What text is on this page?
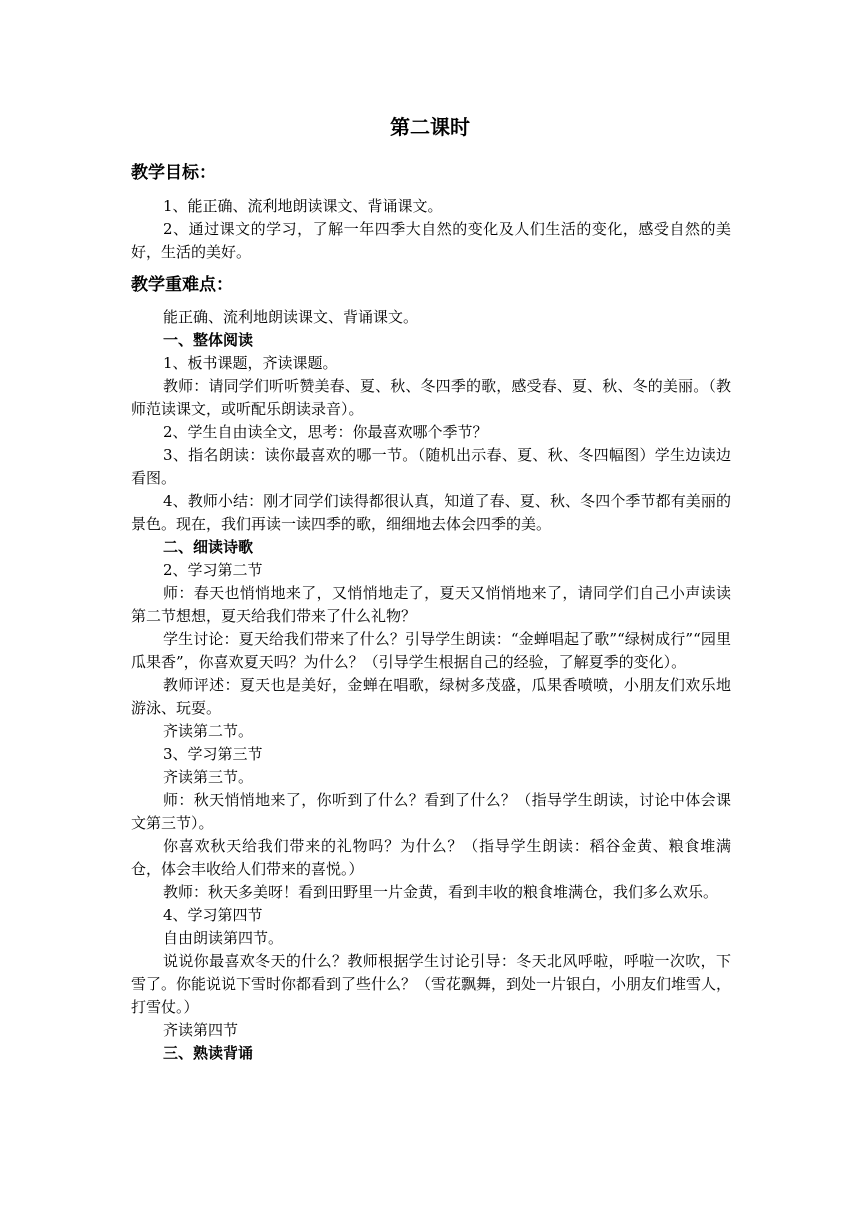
第二课时
教学目标：

1、能正确、流利地朗读课文、背诵课文。

2、通过课文的学习，了解一年四季大自然的变化及人们生活的变化，感受自然的美好，生活的美好。

教学重难点：

能正确、流利地朗读课文、背诵课文。

一、整体阅读

1、板书课题，齐读课题。

教师：请同学们听听赞美春、夏、秋、冬四季的歌，感受春、夏、秋、冬的美丽。（教师范读课文，或听配乐朗读录音）。

2、学生自由读全文，思考：你最喜欢哪个季节？

3、指名朗读：读你最喜欢的哪一节。（随机出示春、夏、秋、冬四幅图）学生边读边看图。

4、教师小结：刚才同学们读得都很认真，知道了春、夏、秋、冬四个季节都有美丽的景色。现在，我们再读一读四季的歌，细细地去体会四季的美。

二、细读诗歌

2、学习第二节

师：春天也悄悄地来了，又悄悄地走了，夏天又悄悄地来了，请同学们自己小声读读第二节想想，夏天给我们带来了什么礼物？

学生讨论：夏天给我们带来了什么？引导学生朗读：“金蝉唱起了歌”“绿树成行”“园里瓜果香”，你喜欢夏天吗？为什么？（引导学生根据自己的经验，了解夏季的变化）。

教师评述：夏天也是美好，金蝉在唱歌，绿树多茂盛，瓜果香喷喷，小朋友们欢乐地游泳、玩耍。

齐读第二节。

3、学习第三节

齐读第三节。

师：秋天悄悄地来了，你听到了什么？看到了什么？（指导学生朗读，讨论中体会课文第三节）。

你喜欢秋天给我们带来的礼物吗？为什么？（指导学生朗读：稻谷金黄、粮食堆满仓，体会丰收给人们带来的喜悦。）

教师：秋天多美呀！看到田野里一片金黄，看到丰收的粮食堆满仓，我们多么欢乐。

4、学习第四节

自由朗读第四节。

说说你最喜欢冬天的什么？教师根据学生讨论引导：冬天北风呼啦，呼啦一次吹，下雪了。你能说说下雪时你都看到了些什么？（雪花飘舞，到处一片银白，小朋友们堆雪人，打雪仗。）

齐读第四节

三、熟读背诵
